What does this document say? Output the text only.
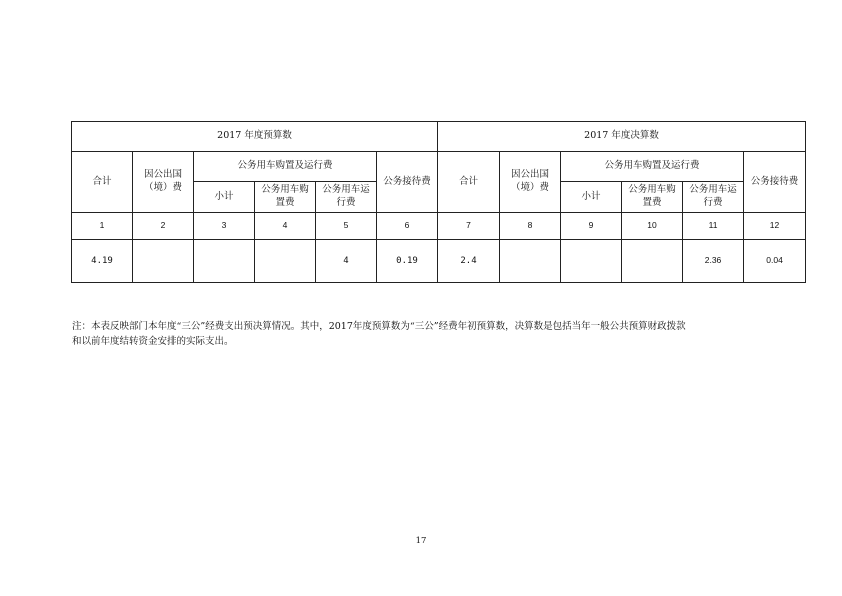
2017 年度预算数						2017 年度决算数					
合计	因公出国（境）费	公务用车购置及运行费			公务接待费	合计	因公出国（境）费	公务用车购置及运行费			公务接待费
		小计	公务用车购置费	公务用车运行费				小计	公务用车购置费	公务用车运行费	
1	2	3	4	5	6	7	8	9	10	11	12
4.19				4	0.19	2.4				2.36	0.04

注：本表反映部门本年度“三公”经费支出预决算情况。其中，2017年度预算数为“三公”经费年初预算数，决算数是包括当年一般公共预算财政拨款
和以前年度结转资金安排的实际支出。

17
